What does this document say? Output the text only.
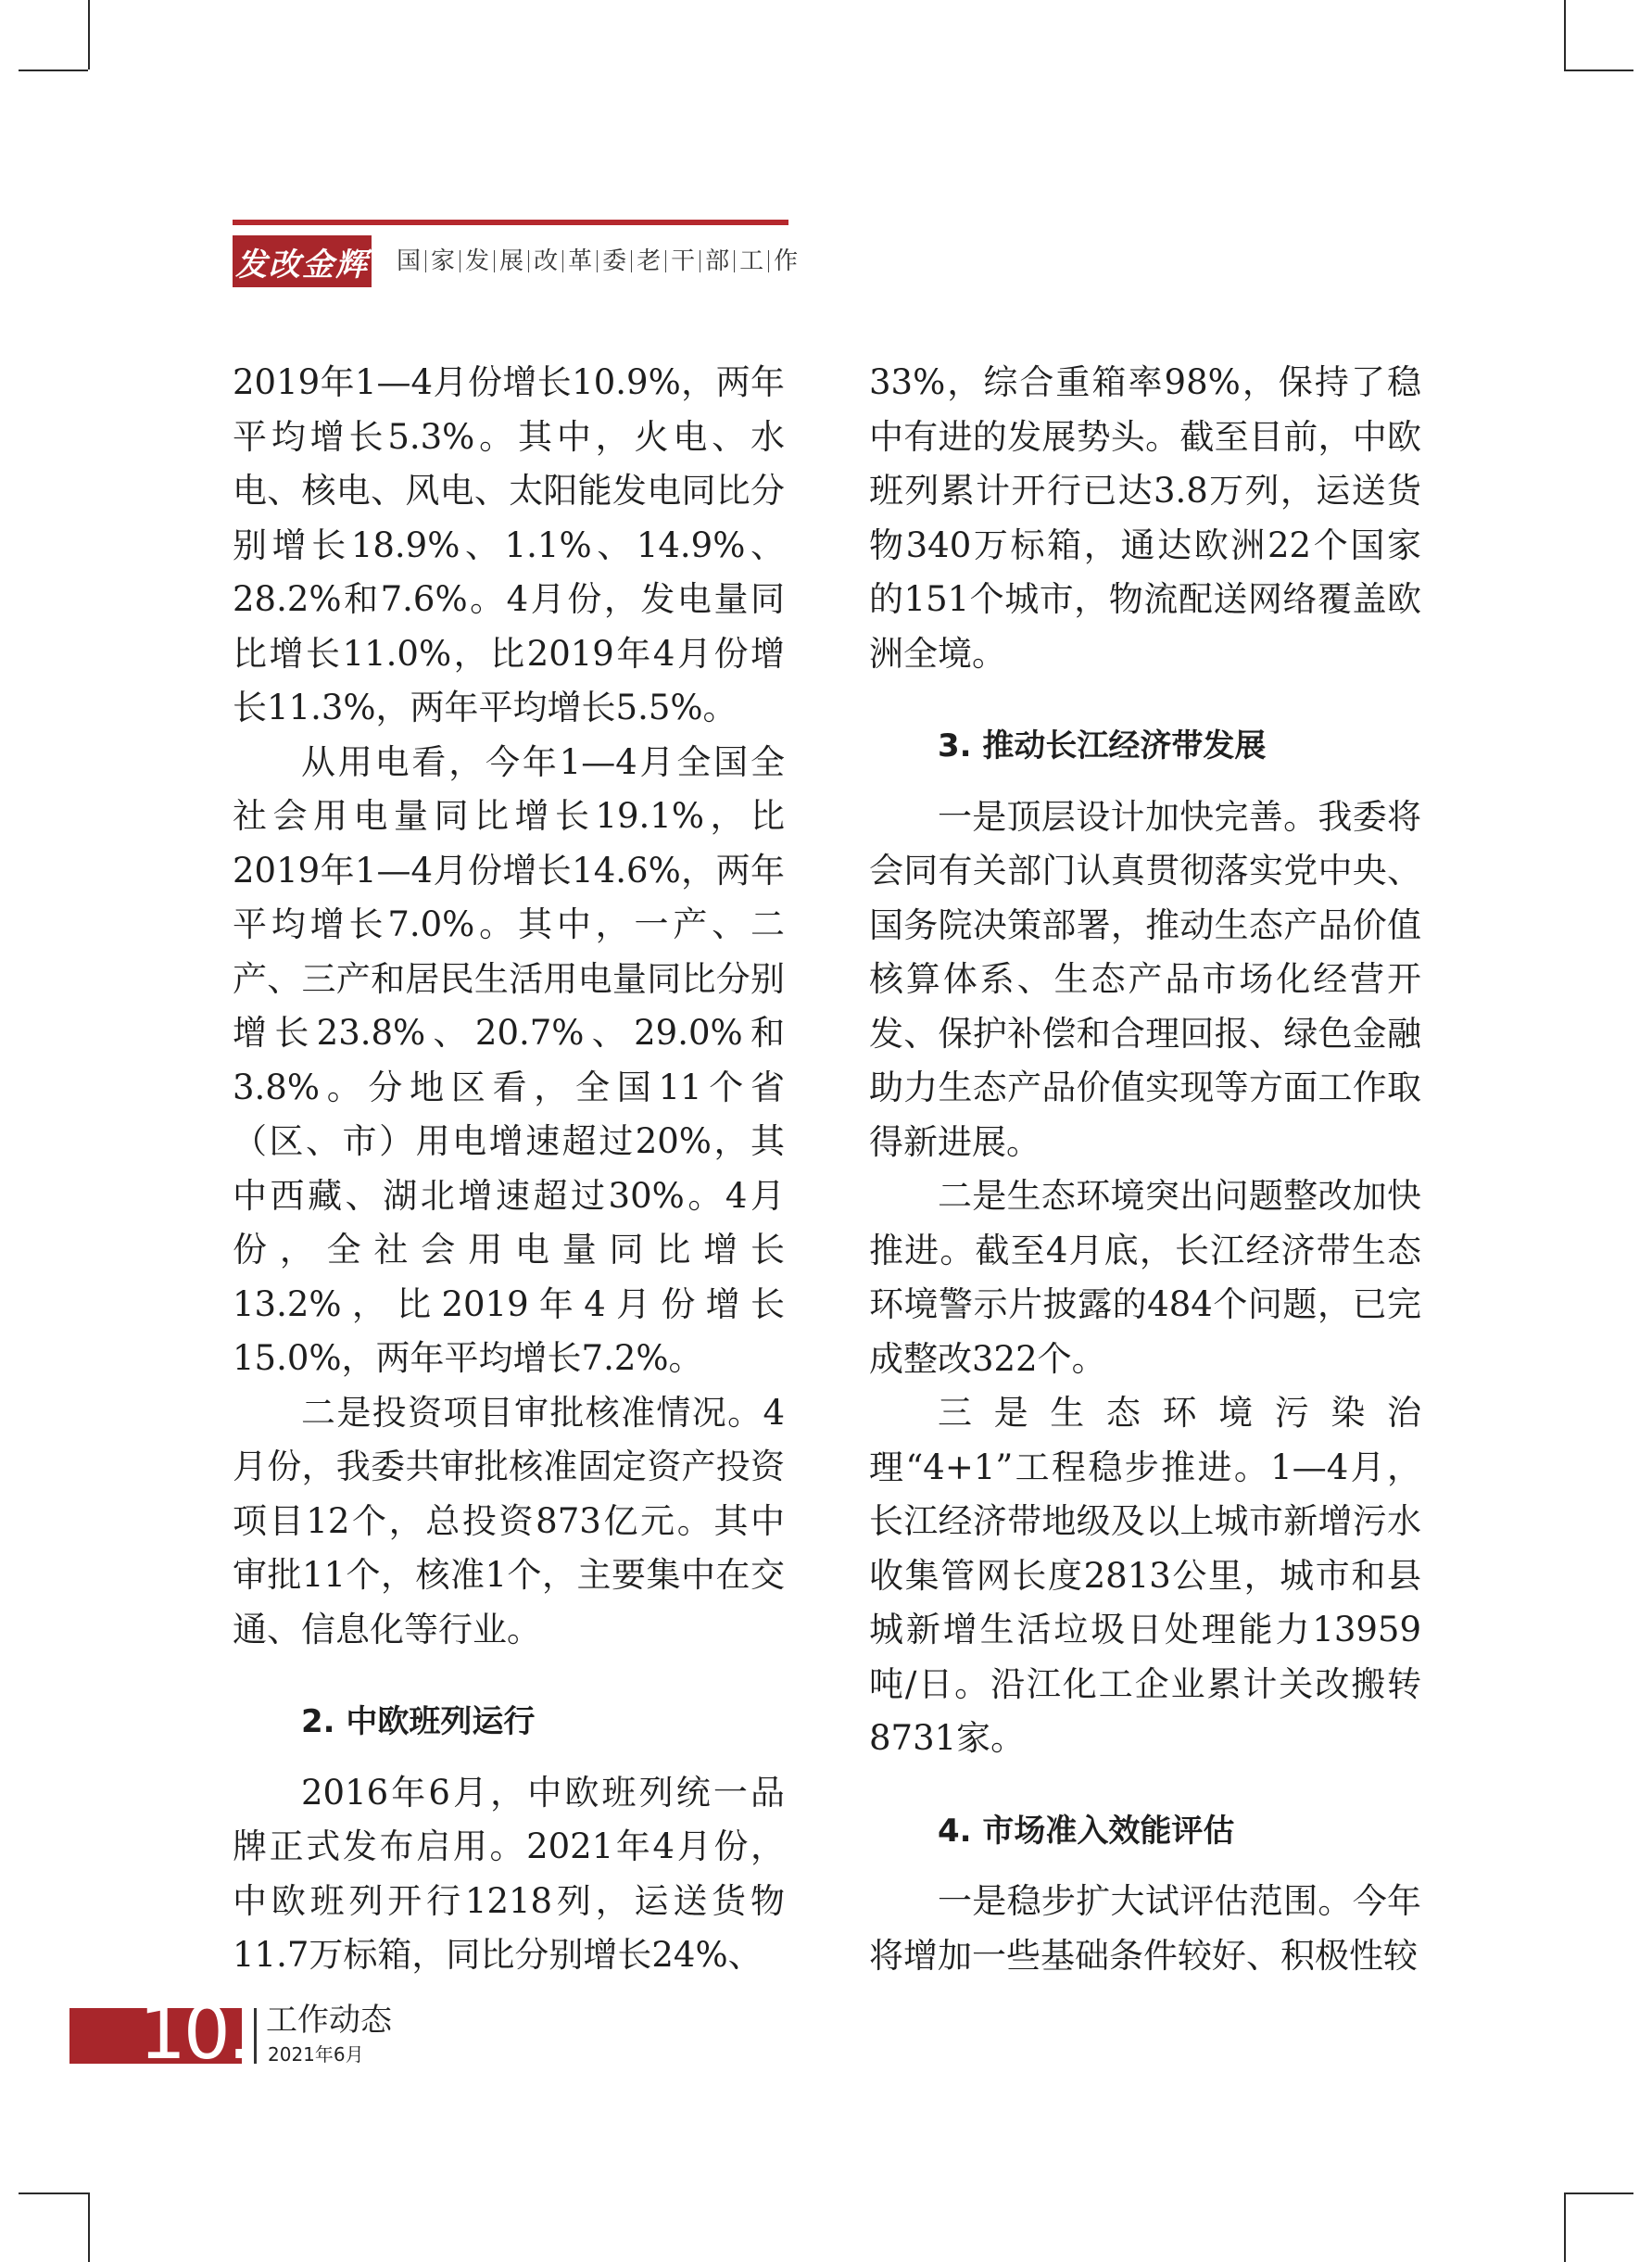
发改金辉	国 家 发 展 改 革 委 老 干 部 工 作

2019年1—4月份增长10.9%，两年平均增长5.3%。其中，火电、水电、核电、风电、太阳能发电同比分别增长18.9%、1.1%、14.9%、28.2%和7.6%。4月份，发电量同比增长11.0%，比2019年4月份增长11.3%，两年平均增长5.5%。

从用电看，今年1—4月全国全社会用电量同比增长19.1%，比2019年1—4月份增长14.6%，两年平均增长7.0%。其中，一产、二产、三产和居民生活用电量同比分别增长23.8%、20.7%、29.0%和3.8%。分地区看，全国11个省（区、市）用电增速超过20%，其中西藏、湖北增速超过30%。4月份，全社会用电量同比增长13.2%，比2019年4月份增长15.0%，两年平均增长7.2%。

二是投资项目审批核准情况。4月份，我委共审批核准固定资产投资项目12个，总投资873亿元。其中审批11个，核准1个，主要集中在交通、信息化等行业。

2. 中欧班列运行

2016年6月，中欧班列统一品牌正式发布启用。2021年4月份，中欧班列开行1218列，运送货物11.7万标箱，同比分别增长24%、

33%，综合重箱率98%，保持了稳中有进的发展势头。截至目前，中欧班列累计开行已达3.8万列，运送货物340万标箱，通达欧洲22个国家的151个城市，物流配送网络覆盖欧洲全境。

3. 推动长江经济带发展

一是顶层设计加快完善。我委将会同有关部门认真贯彻落实党中央、国务院决策部署，推动生态产品价值核算体系、生态产品市场化经营开发、保护补偿和合理回报、绿色金融助力生态产品价值实现等方面工作取得新进展。

二是生态环境突出问题整改加快推进。截至4月底，长江经济带生态环境警示片披露的484个问题，已完成整改322个。

三是生态环境污染治理“4+1”工程稳步推进。1—4月，长江经济带地级及以上城市新增污水收集管网长度2813公里，城市和县城新增生活垃圾日处理能力13959吨/日。沿江化工企业累计关改搬转8731家。

4. 市场准入效能评估

一是稳步扩大试评估范围。今年将增加一些基础条件较好、积极性较

10. 工作动态
2021年6月
